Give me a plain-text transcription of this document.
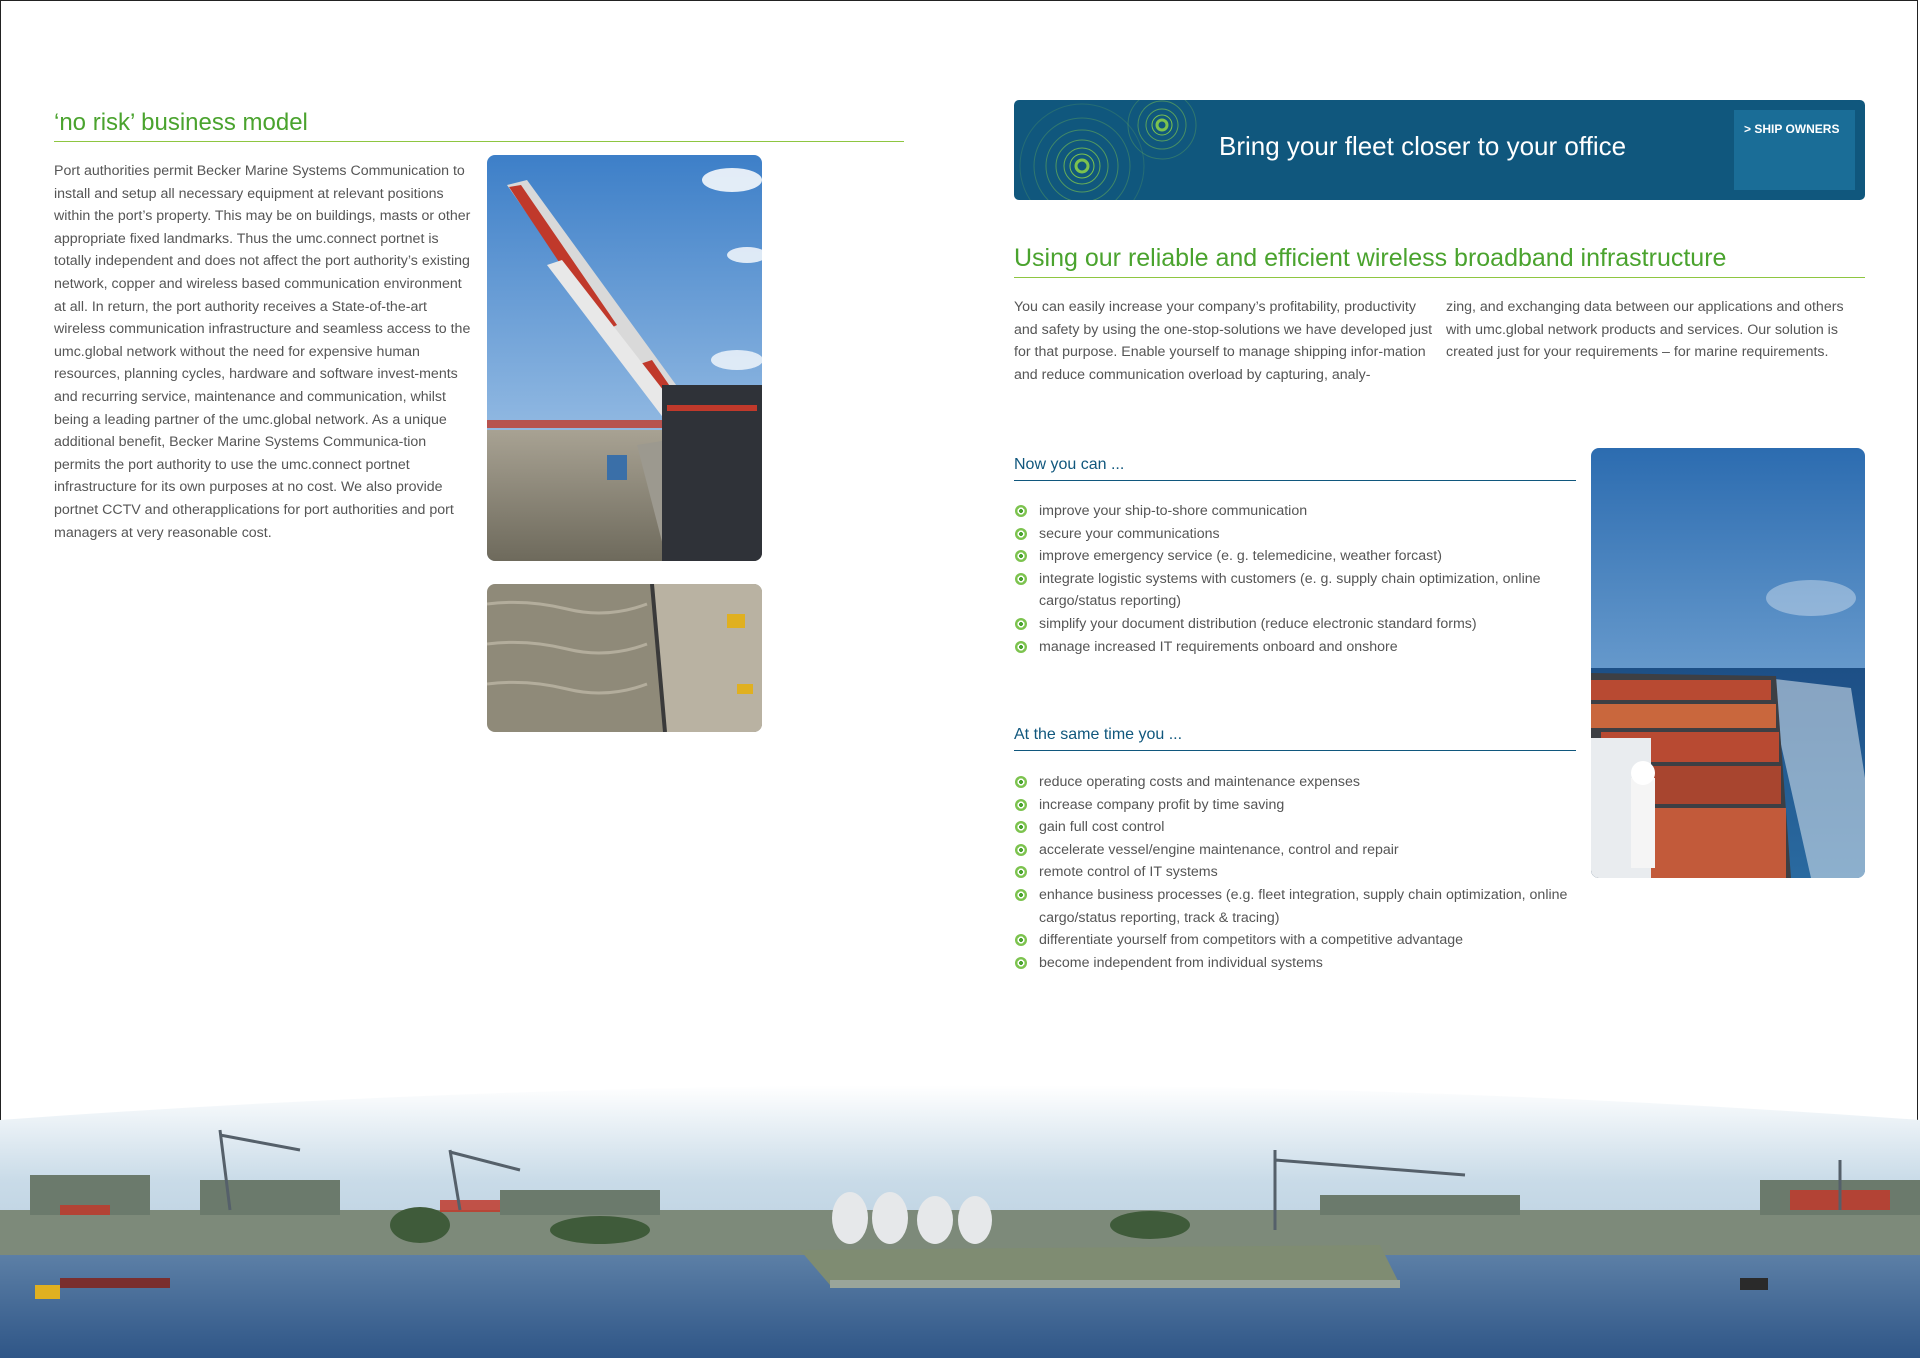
‘no risk’ business model

Port authorities permit Becker Marine Systems Communication to install and setup all necessary equipment at relevant positions within the port’s property. This may be on buildings, masts or other appropriate fixed landmarks. Thus the umc.connect portnet is totally independent and does not affect the port authority’s existing network, copper and wireless based communication environment at all. In return, the port authority receives a State-of-the-art wireless communication infrastructure and seamless access to the umc.global network without the need for expensive human resources, planning cycles, hardware and software invest-ments and recurring service, maintenance and communication, whilst being a leading partner of the umc.global network. As a unique additional benefit, Becker Marine Systems Communica-tion permits the port authority to use the umc.connect portnet infrastructure for its own purposes at no cost. We also provide portnet CCTV and otherapplications for port authorities and port managers at very reasonable cost.

Bring your fleet closer to your office
> SHIP OWNERS
Using our reliable and efficient wireless broadband infrastructure

You can easily increase your company’s profitability, productivity and safety by using the one-stop-solutions we have developed just for that purpose. Enable yourself to manage shipping infor-mation and reduce communication overload by capturing, analy-

zing, and exchanging data between our applications and others with umc.global network products and services. Our solution is created just for your requirements – for marine requirements.

Now you can ...
improve your ship-to-shore communication
secure your communications
improve emergency service (e. g. telemedicine, weather forcast)
integrate logistic systems with customers (e. g. supply chain optimization, online cargo/status reporting)
simplify your document distribution (reduce electronic standard forms)
manage increased IT requirements onboard and onshore
At the same time you ...
reduce operating costs and maintenance expenses
increase company profit by time saving
gain full cost control
accelerate vessel/engine maintenance, control and repair
remote control of IT systems
enhance business processes (e.g. fleet integration, supply chain optimization, online cargo/status reporting, track & tracing)
differentiate yourself from competitors with a competitive advantage
become independent from individual systems
